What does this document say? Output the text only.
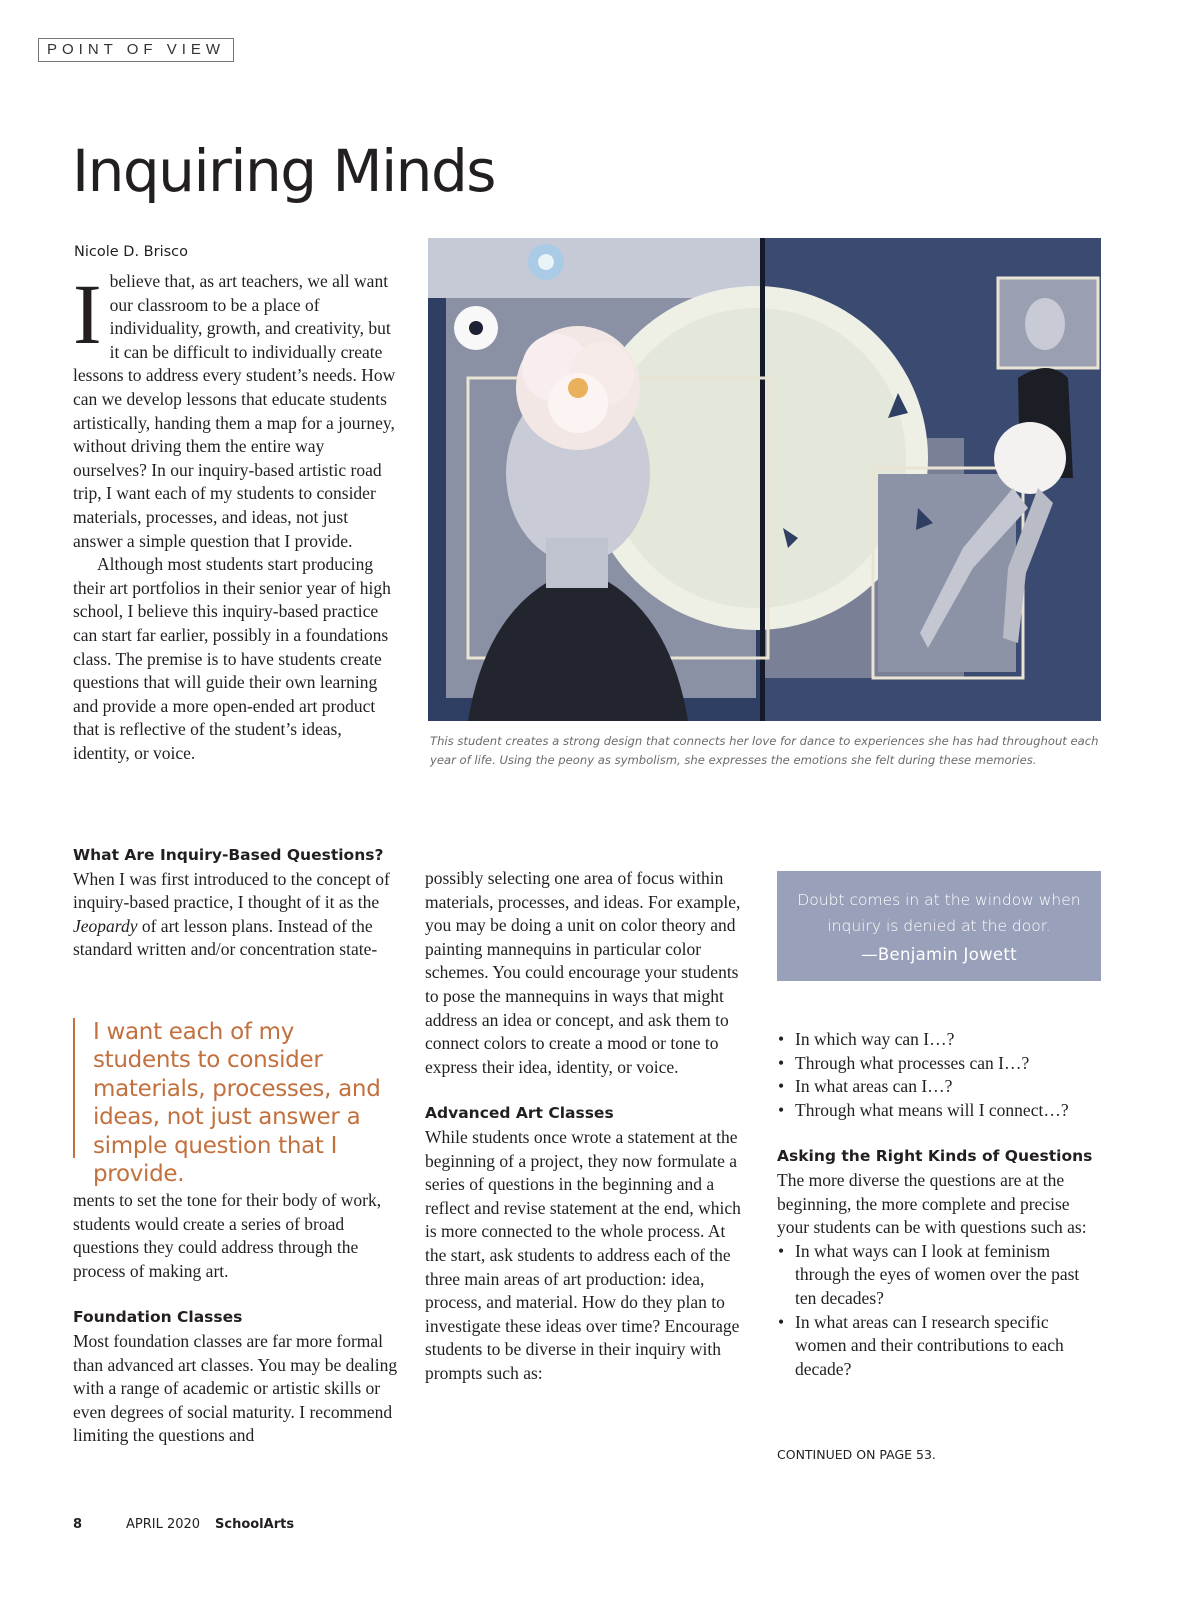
POINT OF VIEW
Inquiring Minds
Nicole D. Brisco

Ibelieve that, as art teachers, we all want our classroom to be a place of individuality, growth, and creativity, but it can be difficult to individually create lessons to address every student’s needs. How can we develop lessons that educate students artistically, handing them a map for a journey, without driving them the entire way ourselves? In our inquiry-based artistic road trip, I want each of my students to consider materials, processes, and ideas, not just answer a simple question that I provide.

Although most students start producing their art portfolios in their senior year of high school, I believe this inquiry-based practice can start far earlier, possibly in a foundations class. The premise is to have students create questions that will guide their own learning and provide a more open-ended art product that is reflective of the student’s ideas, identity, or voice.

This student creates a strong design that connects her love for dance to experiences she has had throughout each year of life. Using the peony as symbolism, she expresses the emotions she felt during these memories.
What Are Inquiry-Based Questions?

When I was first introduced to the concept of inquiry-based practice, I thought of it as the Jeopardy of art lesson plans. Instead of the standard written and/or concentration state-

I want each of my students to consider materials, processes, and ideas, not just answer a simple question that I provide.

ments to set the tone for their body of work, students would create a series of broad questions they could address through the process of making art.

Foundation Classes

Most foundation classes are far more formal than advanced art classes. You may be dealing with a range of academic or artistic skills or even degrees of social maturity. I recommend limiting the questions and

possibly selecting one area of focus within materials, processes, and ideas. For example, you may be doing a unit on color theory and painting mannequins in particular color schemes. You could encourage your students to pose the mannequins in ways that might address an idea or concept, and ask them to connect colors to create a mood or tone to express their idea, identity, or voice.

Advanced Art Classes

While students once wrote a statement at the beginning of a project, they now formulate a series of questions in the beginning and a reflect and revise statement at the end, which is more connected to the whole process. At the start, ask students to address each of the three main areas of art production: idea, process, and material. How do they plan to investigate these ideas over time? Encourage students to be diverse in their inquiry with prompts such as:

Doubt comes in at the window when inquiry is denied at the door.
—Benjamin Jowett
• In which way can I…?
• Through what processes can I…?
• In what areas can I…?
• Through what means will I connect…?
Asking the Right Kinds of Questions

The more diverse the questions are at the beginning, the more complete and precise your students can be with questions such as:

• In what ways can I look at feminism through the eyes of women over the past ten decades?
• In what areas can I research specific women and their contributions to each decade?
CONTINUED ON PAGE 53.
8	APRIL 2020 SchoolArts
